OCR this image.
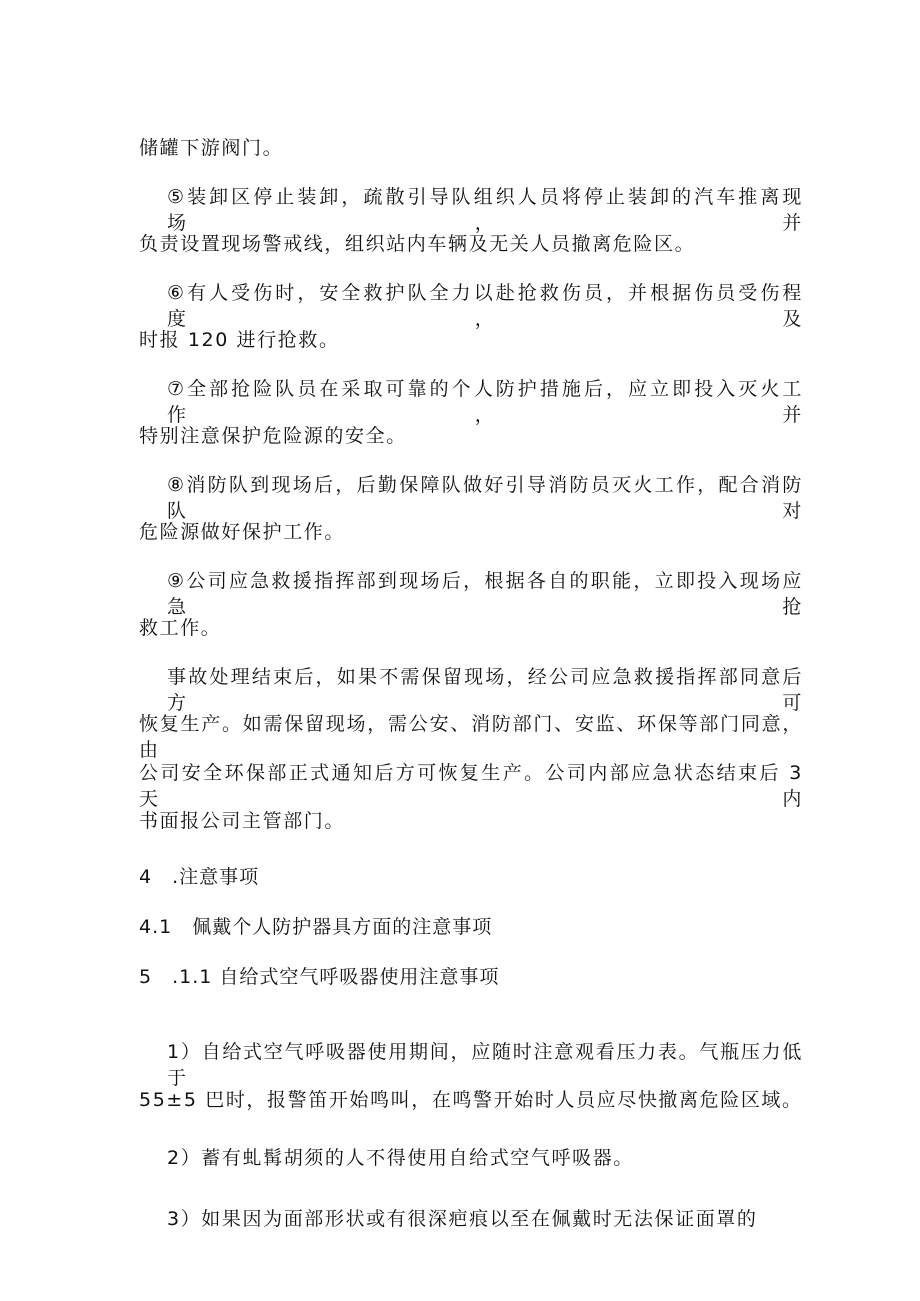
储罐下游阀门。

⑤装卸区停止装卸，疏散引导队组织人员将停止装卸的汽车推离现场，并

负责设置现场警戒线，组织站内车辆及无关人员撤离危险区。

⑥有人受伤时，安全救护队全力以赴抢救伤员，并根据伤员受伤程度，及

时报 120 进行抢救。

⑦全部抢险队员在采取可靠的个人防护措施后，应立即投入灭火工作，并

特别注意保护危险源的安全。

⑧消防队到现场后，后勤保障队做好引导消防员灭火工作，配合消防队对

危险源做好保护工作。

⑨公司应急救援指挥部到现场后，根据各自的职能，立即投入现场应急抢

救工作。

事故处理结束后，如果不需保留现场，经公司应急救援指挥部同意后方可

恢复生产。如需保留现场，需公安、消防部门、安监、环保等部门同意，由

公司安全环保部正式通知后方可恢复生产。公司内部应急状态结束后 3 天内

书面报公司主管部门。

4　.注意事项

4.1　佩戴个人防护器具方面的注意事项

5　.1.1 自给式空气呼吸器使用注意事项

1）自给式空气呼吸器使用期间，应随时注意观看压力表。气瓶压力低于

55±5 巴时，报警笛开始鸣叫，在鸣警开始时人员应尽快撤离危险区域。

2）蓄有虬髯胡须的人不得使用自给式空气呼吸器。

3）如果因为面部形状或有很深疤痕以至在佩戴时无法保证面罩的
